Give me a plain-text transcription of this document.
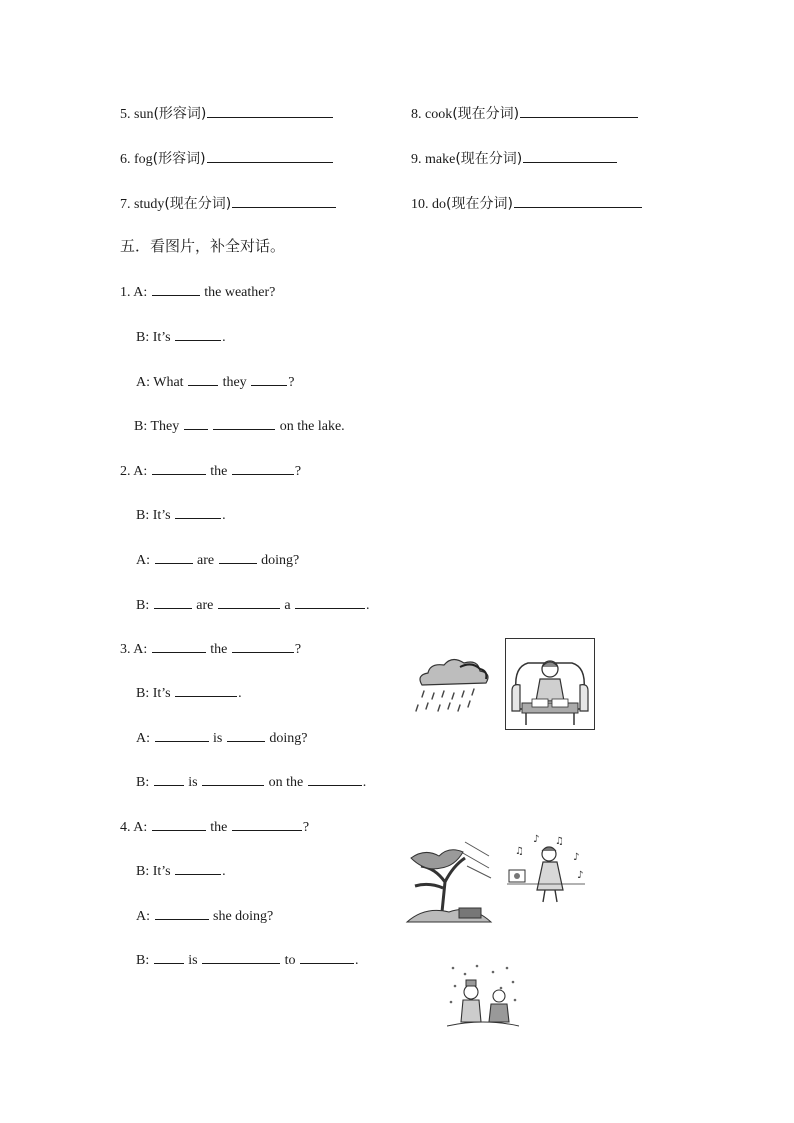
5. sun(形容词)
6. fog(形容词)
7. study(现在分词)
8. cook(现在分词)
9. make(现在分词)
10. do(现在分词)
五．看图片，补全对话。
1. A:	the weather?
B: It’s	.
A: What	they	?
B: They	on the lake.
2. A:	the	?
B: It’s	.
A:	are	doing?
B:	are	a	.
3. A:	the	?
B: It’s	.
A:	is	doing?
B:	is	on the	.
4. A:	the	?
B: It’s	.
A:	she doing?
B:	is	to	.
♪ ♫
♪
♫
♪
